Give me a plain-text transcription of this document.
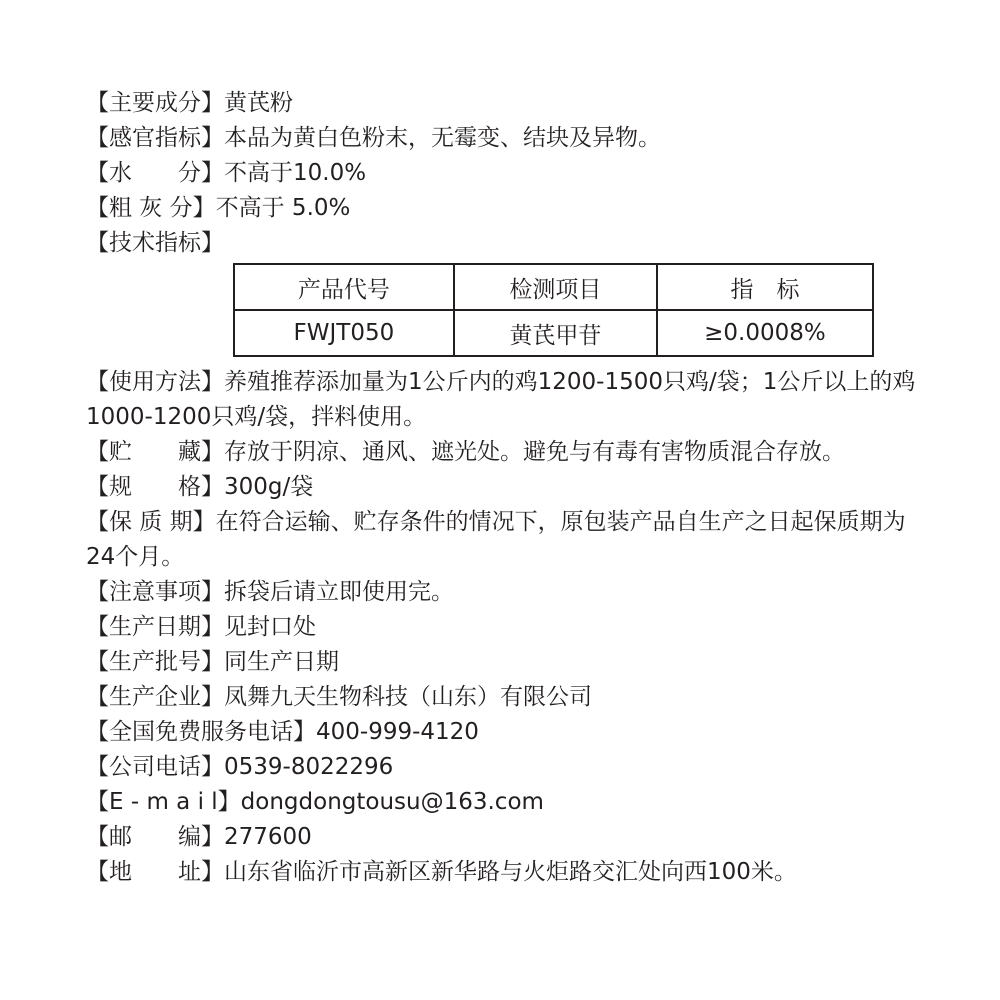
【主要成分】黄芪粉
【感官指标】本品为黄白色粉末，无霉变、结块及异物。
【水　　分】不高于10.0%
【粗 灰 分】不高于 5.0%
【技术指标】
产品代号	检测项目	指　标
FWJT050	黄芪甲苷	≥0.0008%
【使用方法】养殖推荐添加量为1公斤内的鸡1200-1500只鸡/袋；1公斤以上的鸡1000-1200只鸡/袋，拌料使用。
【贮　　藏】存放于阴凉、通风、遮光处。避免与有毒有害物质混合存放。
【规　　格】300g/袋
【保 质 期】在符合运输、贮存条件的情况下，原包装产品自生产之日起保质期为24个月。
【注意事项】拆袋后请立即使用完。
【生产日期】见封口处
【生产批号】同生产日期
【生产企业】凤舞九天生物科技（山东）有限公司
【全国免费服务电话】400-999-4120
【公司电话】0539-8022296
【E - m a i l】dongdongtousu@163.com
【邮　　编】277600
【地　　址】山东省临沂市高新区新华路与火炬路交汇处向西100米。
